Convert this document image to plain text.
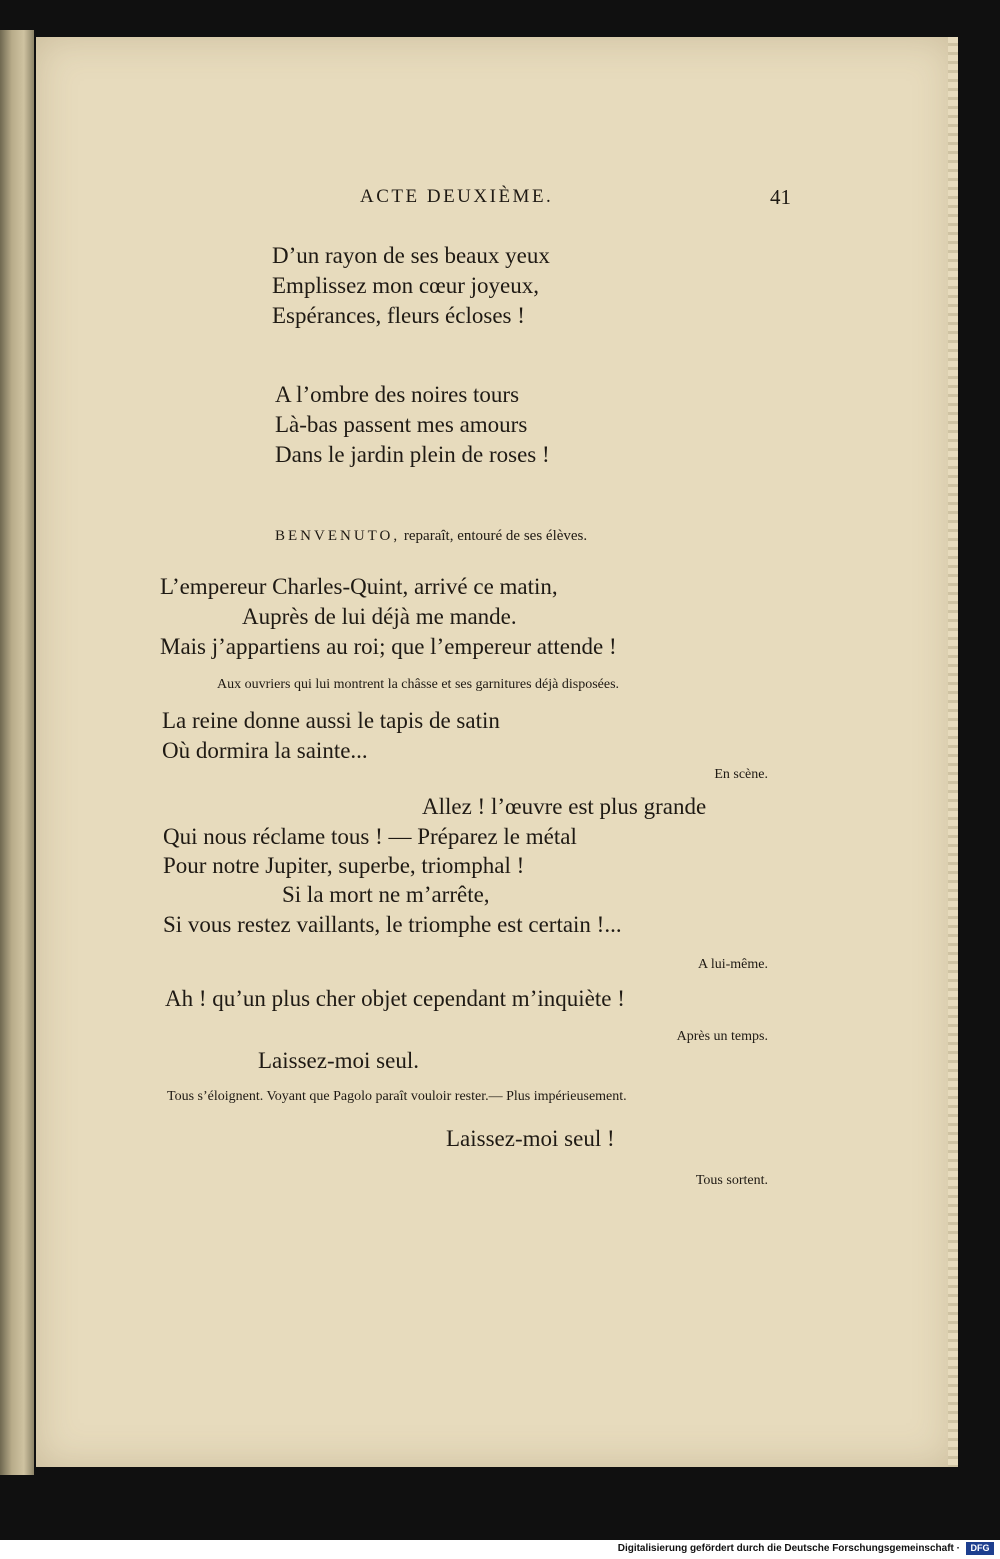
ACTE DEUXIÈME.	41
D’un rayon de ses beaux yeux
Emplissez mon cœur joyeux,
Espérances, fleurs écloses !
A l’ombre des noires tours
Là-bas passent mes amours
Dans le jardin plein de roses !
BENVENUTO, reparaît, entouré de ses élèves.
L’empereur Charles-Quint, arrivé ce matin,
Auprès de lui déjà me mande.
Mais j’appartiens au roi; que l’empereur attende !
Aux ouvriers qui lui montrent la châsse et ses garnitures déjà disposées.
La reine donne aussi le tapis de satin
Où dormira la sainte...
En scène.
Allez ! l’œuvre est plus grande
Qui nous réclame tous ! — Préparez le métal
Pour notre Jupiter, superbe, triomphal !
Si la mort ne m’arrête,
Si vous restez vaillants, le triomphe est certain !...
A lui-même.
Ah ! qu’un plus cher objet cependant m’inquiète !
Après un temps.
Laissez-moi seul.
Tous s’éloignent. Voyant que Pagolo paraît vouloir rester.— Plus impérieusement.
Laissez-moi seul !
Tous sortent.
Digitalisierung gefördert durch die Deutsche Forschungsgemeinschaft ·	DFG
